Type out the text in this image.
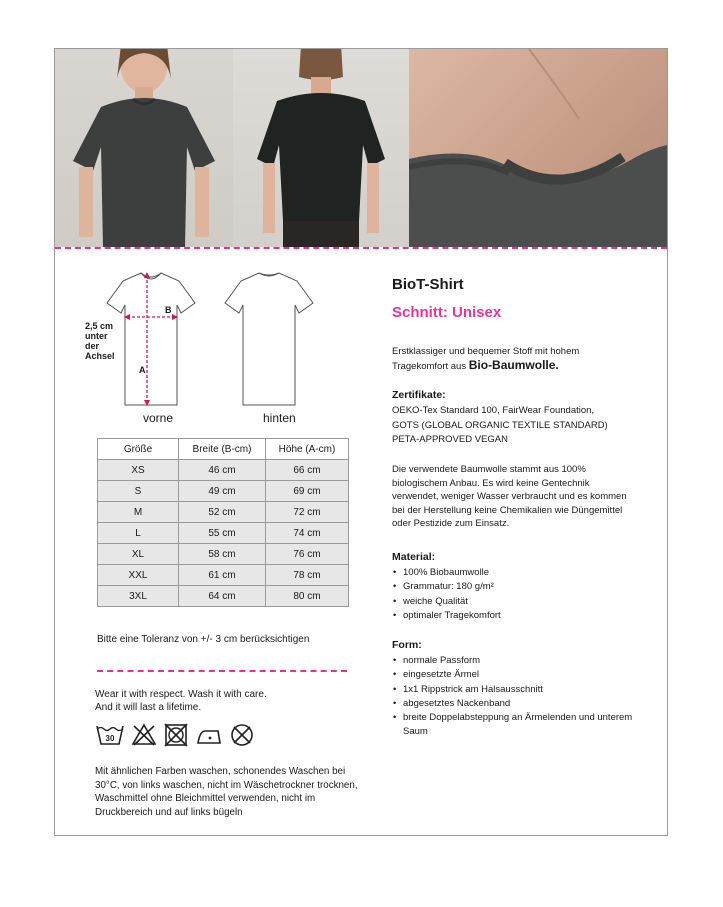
B
A
2,5 cm unter der Achsel
vorne	hinten
Größe	Breite (B-cm)	Höhe (A-cm)
XS	46 cm	66 cm
S	49 cm	69 cm
M	52 cm	72 cm
L	55 cm	74 cm
XL	58 cm	76 cm
XXL	61 cm	78 cm
3XL	64 cm	80 cm
Bitte eine Toleranz von +/- 3 cm berücksichtigen
Wear it with respect. Wash it with care.
And it will last a lifetime.
30
Mit ähnlichen Farben waschen, schonendes Waschen bei 30°C, von links waschen, nicht im Wäschetrockner trocknen, Waschmittel ohne Bleichmittel verwenden, nicht im Druckbereich und auf links bügeln
BioT-Shirt
Schnitt: Unisex
Erstklassiger und bequemer Stoff mit hohem Tragekomfort aus Bio-Baumwolle.
Zertifikate:
OEKO-Tex Standard 100, FairWear Foundation,
GOTS (GLOBAL ORGANIC TEXTILE STANDARD)
PETA-APPROVED VEGAN
Die verwendete Baumwolle stammt aus 100% biologischem Anbau. Es wird keine Gentechnik verwendet, weniger Wasser verbraucht und es kommen bei der Herstellung keine Chemikalien wie Düngemittel oder Pestizide zum Einsatz.
Material:
• 100% Biobaumwolle
• Grammatur: 180 g/m²
• weiche Qualität
• optimaler Tragekomfort
Form:
• normale Passform
• eingesetzte Ärmel
• 1x1 Rippstrick am Halsausschnitt
• abgesetztes Nackenband
• breite Doppelabsteppung an Ärmelenden und unterem Saum
